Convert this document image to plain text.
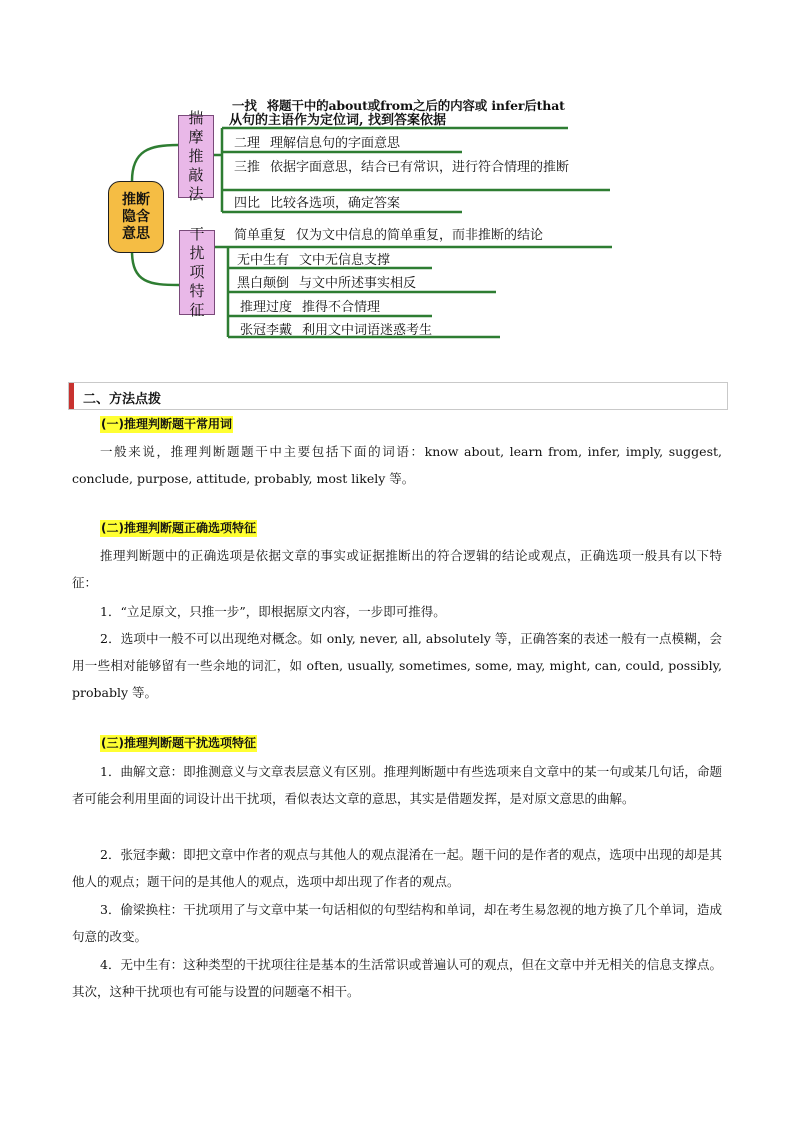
推断隐含意思
揣摩推敲法
干扰项特征
一找 将题干中的about或from之后的内容或 infer后that
从句的主语作为定位词, 找到答案依据
二理 理解信息句的字面意思
三推 依据字面意思，结合已有常识，进行符合情理的推断
四比 比较各选项，确定答案
简单重复 仅为文中信息的简单重复，而非推断的结论
无中生有 文中无信息支撑
黑白颠倒 与文中所述事实相反
推理过度 推得不合情理
张冠李戴 利用文中词语迷惑考生
二、方法点拨
(一)推理判断题干常用词

一般来说，推理判断题题干中主要包括下面的词语：know about, learn from, infer, imply, suggest, conclude, purpose, attitude, probably, most likely 等。

(二)推理判断题正确选项特征

推理判断题中的正确选项是依据文章的事实或证据推断出的符合逻辑的结论或观点，正确选项一般具有以下特征：

1．“立足原文，只推一步”，即根据原文内容，一步即可推得。

2．选项中一般不可以出现绝对概念。如 only, never, all, absolutely 等，正确答案的表述一般有一点模糊，会用一些相对能够留有一些余地的词汇，如 often, usually, sometimes, some, may, might, can, could, possibly, probably 等。

(三)推理判断题干扰选项特征

1．曲解文意：即推测意义与文章表层意义有区别。推理判断题中有些选项来自文章中的某一句或某几句话，命题者可能会利用里面的词设计出干扰项，看似表达文章的意思，其实是借题发挥，是对原文意思的曲解。

2．张冠李戴：即把文章中作者的观点与其他人的观点混淆在一起。题干问的是作者的观点，选项中出现的却是其他人的观点；题干问的是其他人的观点，选项中却出现了作者的观点。

3．偷梁换柱：干扰项用了与文章中某一句话相似的句型结构和单词，却在考生易忽视的地方换了几个单词，造成句意的改变。

4．无中生有：这种类型的干扰项往往是基本的生活常识或普遍认可的观点，但在文章中并无相关的信息支撑点。其次，这种干扰项也有可能与设置的问题毫不相干。
